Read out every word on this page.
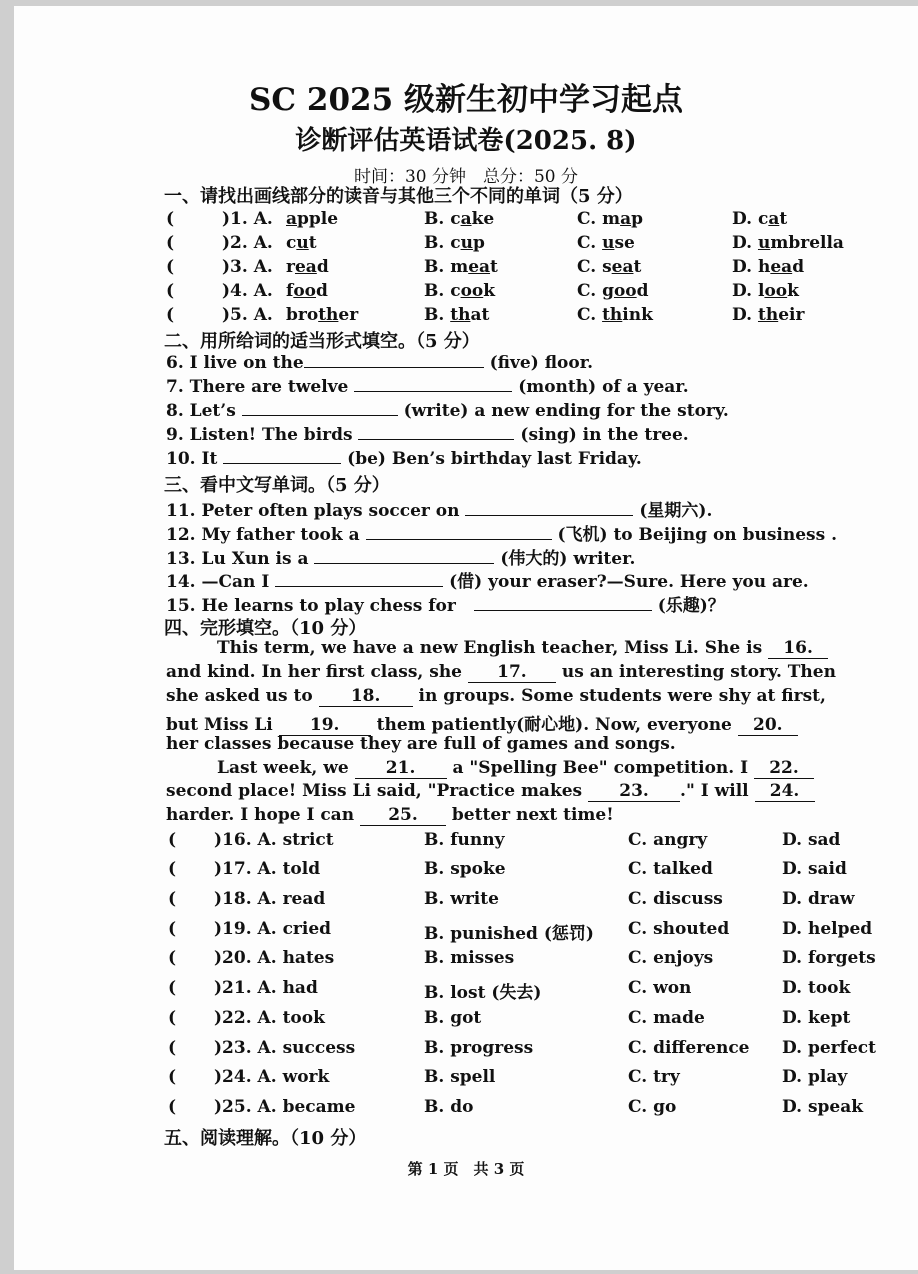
SC 2025 级新生初中学习起点
诊断评估英语试卷(2025. 8)
时间：30 分钟　总分：50 分
一、请找出画线部分的读音与其他三个不同的单词（5 分）
(	)1. A. apple	B. cake	C. map	D. cat
(	)2. A. cut	B. cup	C. use	D. umbrella
(	)3. A. read	B. meat	C. seat	D. head
(	)4. A. food	B. cook	C. good	D. look
(	)5. A. brother	B. that	C. think	D. their
二、用所给词的适当形式填空。（5 分）
6. I live on the	(five) floor.
7. There are twelve	(month) of a year.
8. Let’s	(write) a new ending for the story.
9. Listen! The birds	(sing) in the tree.
10. It	(be) Ben’s birthday last Friday.
三、看中文写单词。（5 分）
11. Peter often plays soccer on	(星期六).
12. My father took a	(飞机) to Beijing on business .
13. Lu Xun is a	(伟大的) writer.
14. —Can I	(借) your eraser?—Sure. Here you are.
15. He learns to play chess for	(乐趣)？
四、完形填空。（10 分）
This term, we have a new English teacher, Miss Li. She is 16.
and kind. In her first class, she 17. us an interesting story. Then
she asked us to 18. in groups. Some students were shy at first,
but Miss Li 19. them patiently(耐心地). Now, everyone 20.
her classes because they are full of games and songs.
Last week, we 21. a "Spelling Bee" competition. I 22.
second place! Miss Li said, "Practice makes 23. ." I will 24.
harder. I hope I can 25. better next time!
( )16. A. strict	B. funny	C. angry	D. sad
( )17. A. told	B. spoke	C. talked	D. said
( )18. A. read	B. write	C. discuss	D. draw
( )19. A. cried	B. punished (惩罚) C. shouted	D. helped
( )20. A. hates	B. misses	C. enjoys	D. forgets
( )21. A. had	B. lost (失去)	C. won	D. took
( )22. A. took	B. got	C. made	D. kept
( )23. A. success	B. progress	C. difference D. perfect
( )24. A. work	B. spell	C. try	D. play
( )25. A. became	B. do	C. go	D. speak
五、阅读理解。（10 分）
第 1 页　共 3 页
